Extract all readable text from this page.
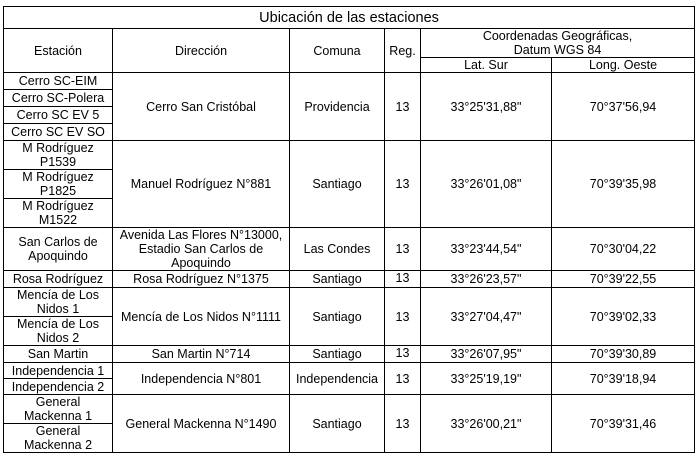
Ubicación de las estaciones					
Estación	Dirección	Comuna	Reg.	Coordenadas Geográficas,
Datum WGS 84	

				Lat. Sur	Long. Oeste
Cerro SC-EIM	Cerro San Cristóbal	Providencia	13	33°25'31,88"	70°37'56,94
Cerro SC-Polera					
Cerro SC EV 5					
Cerro SC EV SO					
M Rodríguez P1539	Manuel Rodríguez N°881	Santiago	13	33°26'01,08"	70°39'35,98
M Rodríguez P1825					
M Rodríguez M1522					
San Carlos de Apoquindo	Avenida Las Flores N°13000, Estadio San Carlos de Apoquindo	Las Condes	13	33°23'44,54"	70°30'04,22
Rosa Rodríguez	Rosa Rodríguez N°1375	Santiago	13	33°26'23,57"	70°39'22,55
Mencía de Los Nidos 1	Mencía de Los Nidos N°1111	Santiago	13	33°27'04,47"	70°39'02,33
Mencía de Los Nidos 2					
San Martin	San Martin N°714	Santiago	13	33°26'07,95"	70°39'30,89
Independencia 1	Independencia N°801	Independencia	13	33°25'19,19"	70°39'18,94
Independencia 2					
General Mackenna 1	General Mackenna N°1490	Santiago	13	33°26'00,21"	70°39'31,46
General Mackenna 2					
